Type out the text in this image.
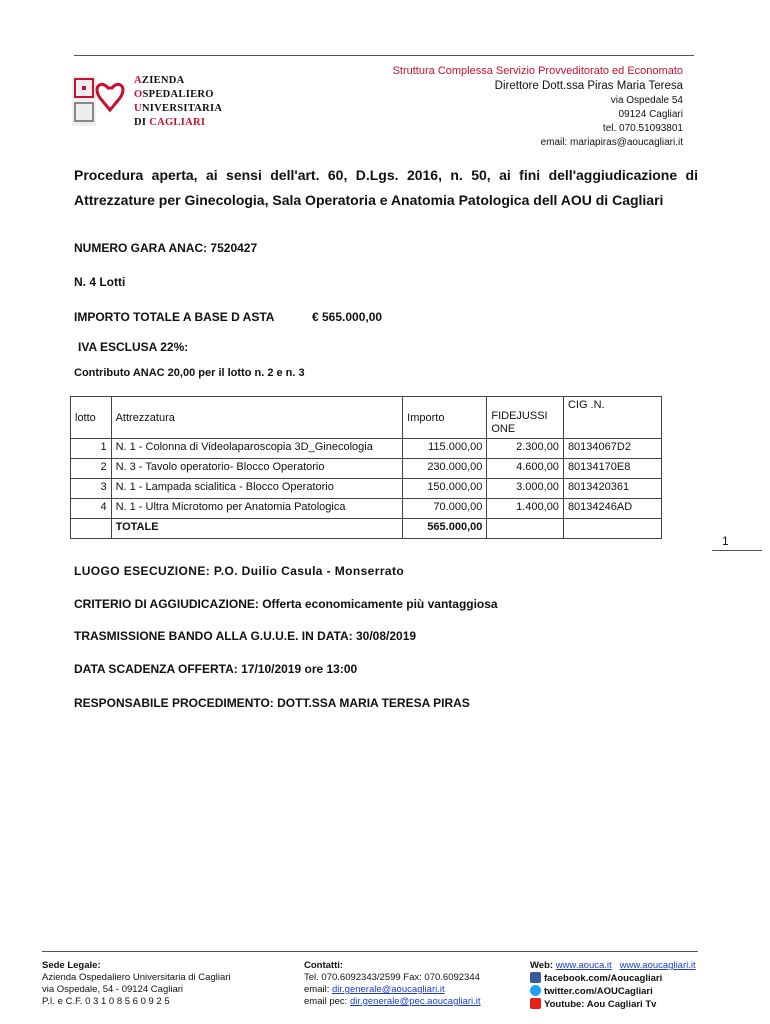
AZIENDA
OSPEDALIERO
UNIVERSITARIA
DI CAGLIARI
Struttura Complessa Servizio Provveditorato ed Economato
Direttore Dott.ssa Piras Maria Teresa
via Ospedale 54
09124 Cagliari
tel. 070.51093801
email: mariapiras@aoucagliari.it
Procedura aperta, ai sensi dell'art. 60, D.Lgs. 2016, n. 50, ai fini dell'aggiudicazione di Attrezzature per Ginecologia, Sala Operatoria e Anatomia Patologica dell AOU di Cagliari
NUMERO GARA ANAC: 7520427
N. 4 Lotti
IMPORTO TOTALE A BASE D ASTA	€ 565.000,00
IVA ESCLUSA 22%:
Contributo ANAC 20,00 per il lotto n. 2 e n. 3
lotto	Attrezzatura	Importo	FIDEJUSSI ONE	CIG .N.
1	N. 1 - Colonna di Videolaparoscopia 3D_Ginecologia	115.000,00	2.300,00	80134067D2
2	N. 3 - Tavolo operatorio- Blocco Operatorio	230.000,00	4.600,00	80134170E8
3	N. 1 - Lampada scialitica - Blocco Operatorio	150.000,00	3.000,00	8013420361
4	N. 1 - Ultra Microtomo per Anatomia Patologica	70.000,00	1.400,00	80134246AD
	TOTALE	565.000,00		
1
LUOGO ESECUZIONE: P.O. Duilio Casula - Monserrato
CRITERIO DI AGGIUDICAZIONE: Offerta economicamente più vantaggiosa
TRASMISSIONE BANDO ALLA G.U.U.E. IN DATA: 30/08/2019
DATA SCADENZA OFFERTA: 17/10/2019 ore 13:00
RESPONSABILE PROCEDIMENTO: DOTT.SSA MARIA TERESA PIRAS
Sede Legale:
Azienda Ospedaliero Universitaria di Cagliari
via Ospedale, 54 - 09124 Cagliari
P.I. e C.F. 0 3 1 0 8 5 6 0 9 2 5
Contatti:
Tel. 070.6092343/2599 Fax: 070.6092344
email: dir.generale@aoucagliari.it
email pec: dir.generale@pec.aoucagliari.it
Web: www.aouca.it www.aoucagliari.it
facebook.com/Aoucagliari
twitter.com/AOUCagliari
Youtube: Aou Cagliari Tv
